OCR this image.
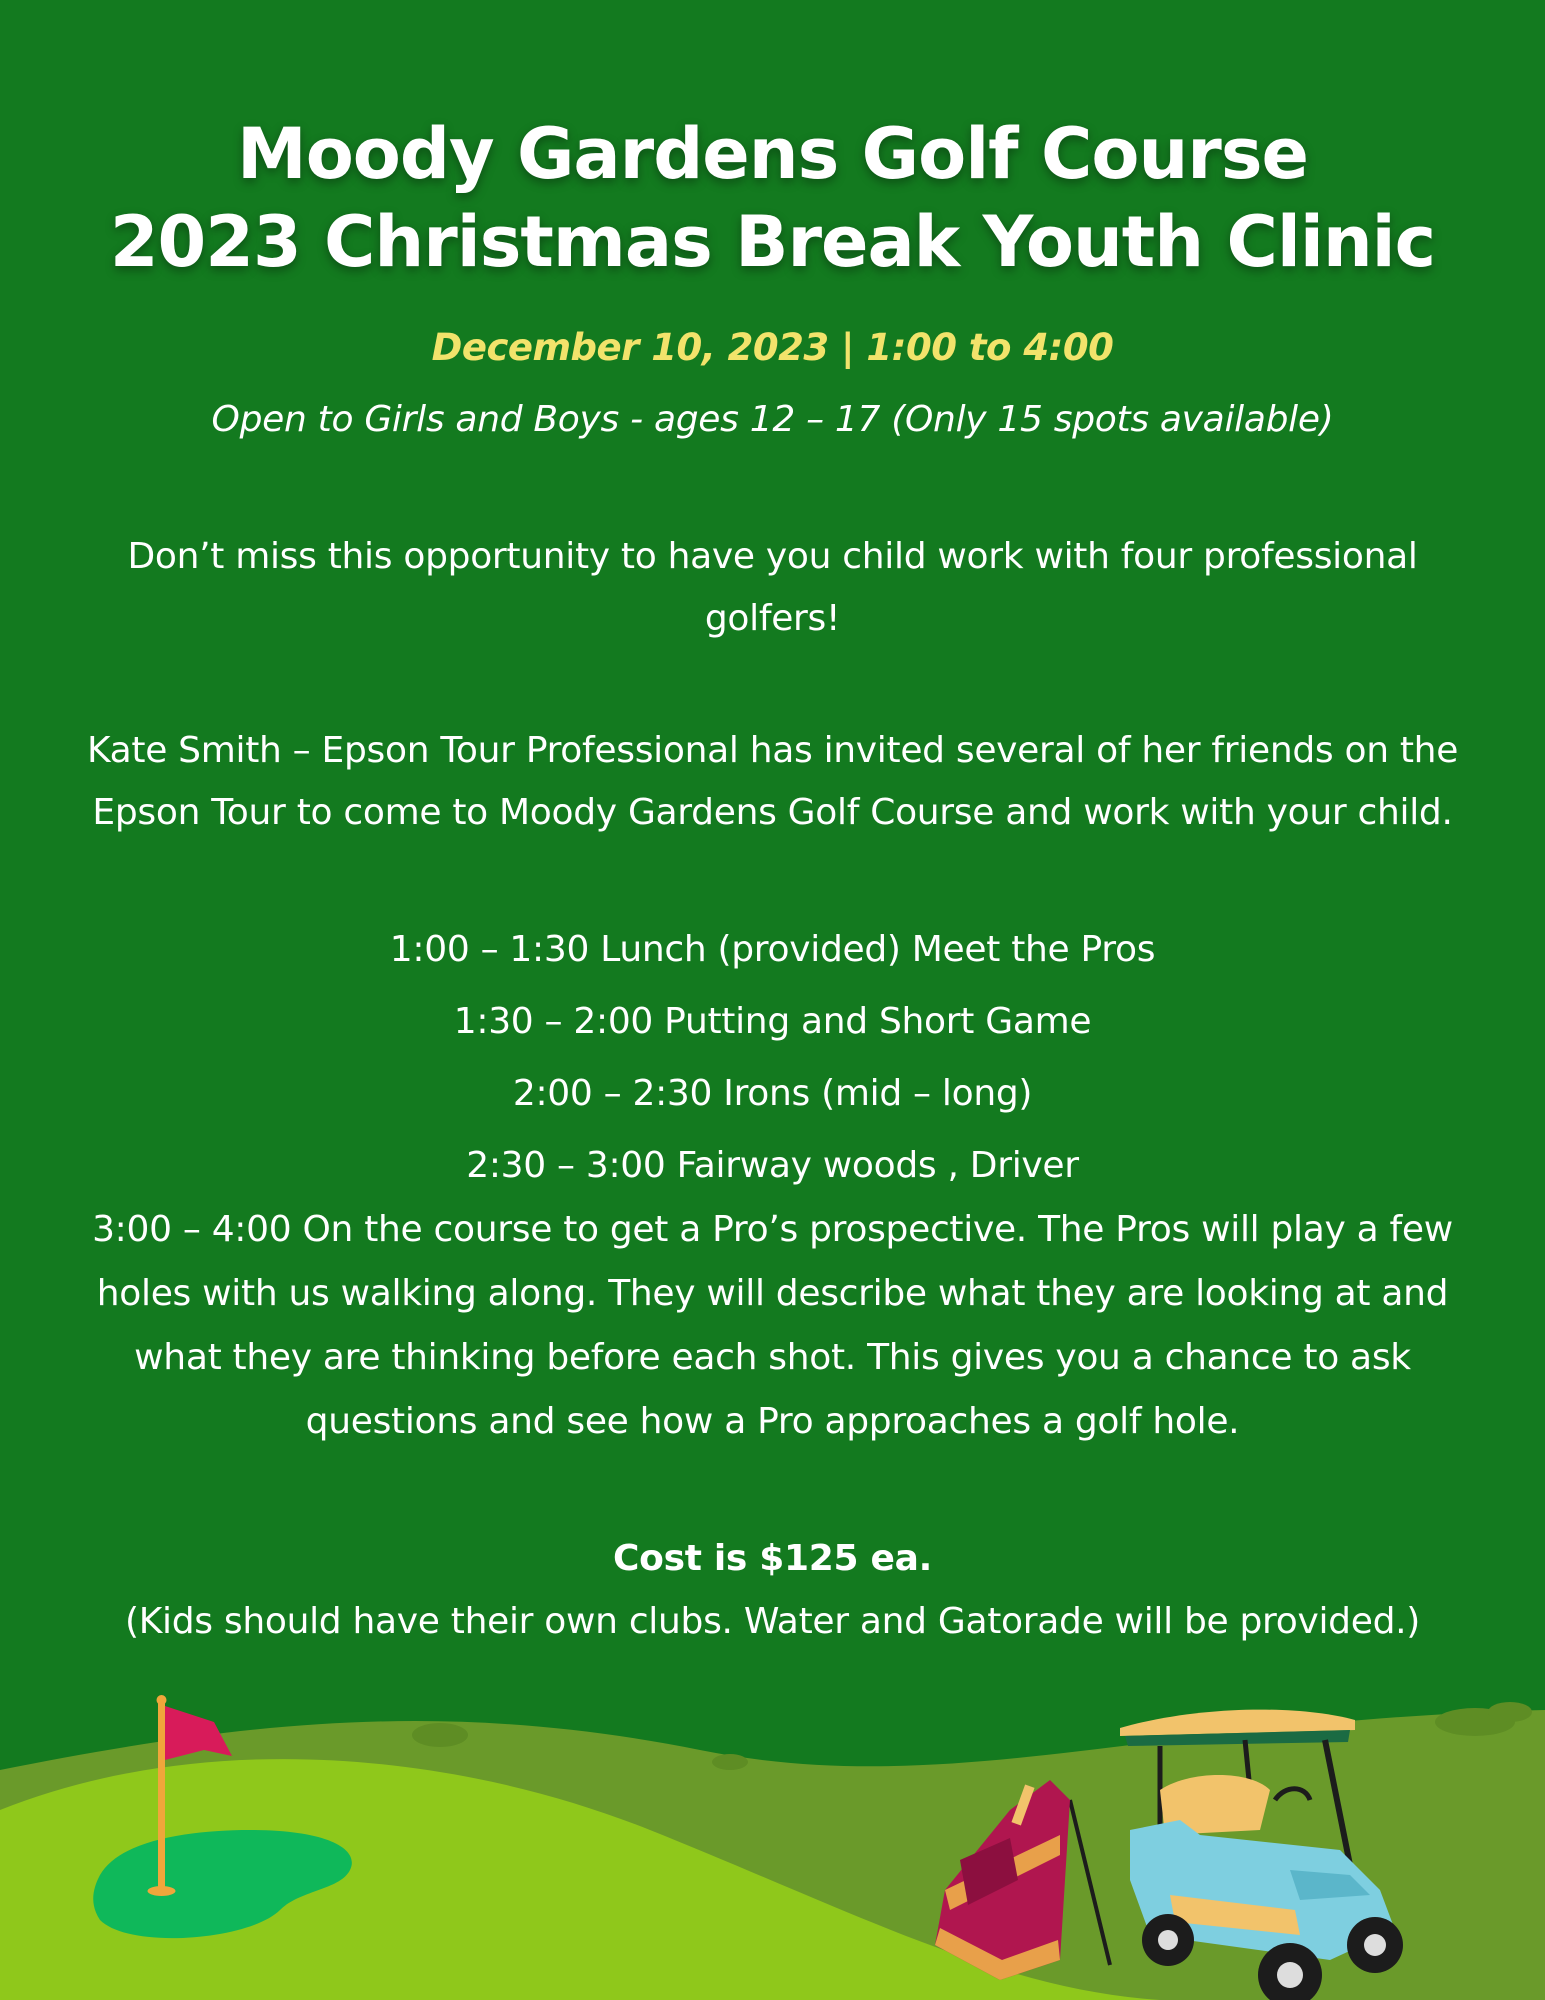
Moody Gardens Golf Course
2023 Christmas Break Youth Clinic
December 10, 2023 | 1:00 to 4:00
Open to Girls and Boys - ages 12 – 17 (Only 15 spots available)
Don’t miss this opportunity to have you child work with four professional golfers!
Kate Smith – Epson Tour Professional has invited several of her friends on the
Epson Tour to come to Moody Gardens Golf Course and work with your child.
1:00 – 1:30 Lunch (provided) Meet the Pros
1:30 – 2:00 Putting and Short Game
2:00 – 2:30 Irons (mid – long)
2:30 – 3:00 Fairway woods , Driver
3:00 – 4:00 On the course to get a Pro’s prospective. The Pros will play a few
holes with us walking along. They will describe what they are looking at and
what they are thinking before each shot. This gives you a chance to ask
questions and see how a Pro approaches a golf hole.
Cost is $125 ea.
(Kids should have their own clubs. Water and Gatorade will be provided.)
